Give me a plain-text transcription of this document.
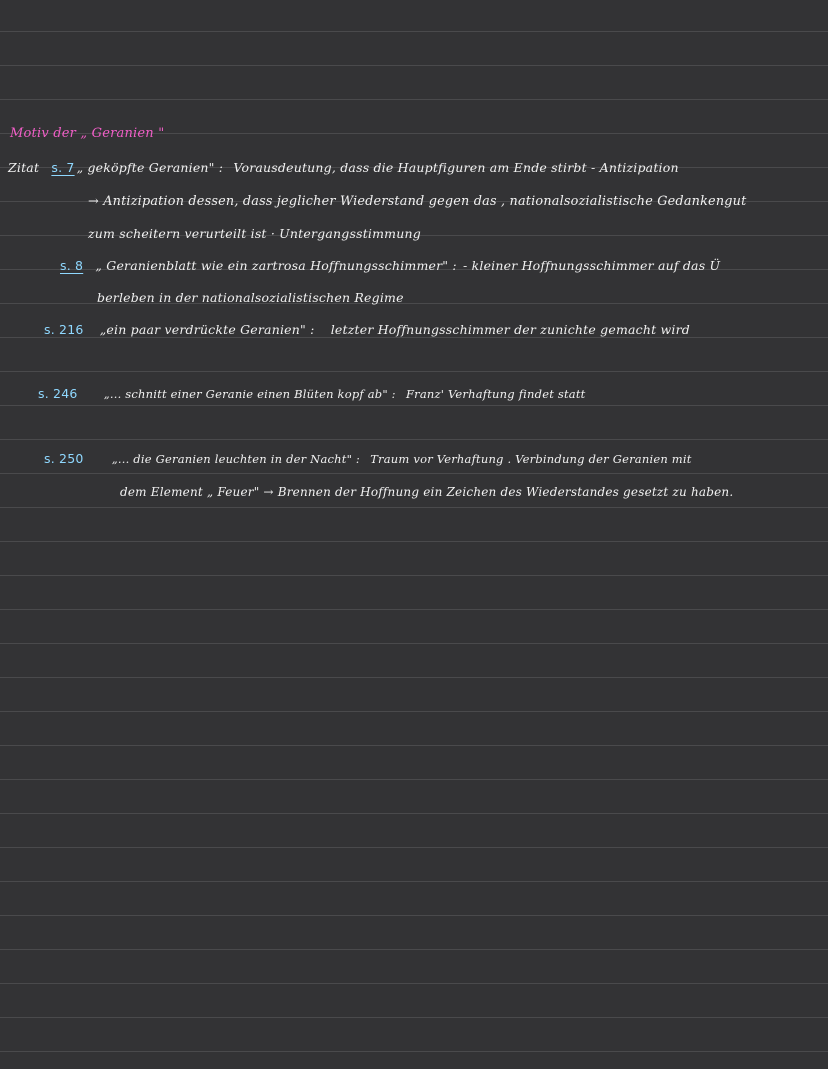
Motiv der „ Geranien "
Zitat s. 7 „ geköpfte Geranien" : Vorausdeutung, dass die Hauptfiguren am Ende stirbt - Antizipation
→ Antizipation dessen, dass jeglicher Wiederstand gegen das , nationalsozialistische Gedankengut
zum scheitern verurteilt ist · Untergangsstimmung
s. 8 „ Geranienblatt wie ein zartrosa Hoffnungsschimmer" : - kleiner Hoffnungsschimmer auf das Ü
berleben in der nationalsozialistischen Regime
s. 216 „ein paar verdrückte Geranien" : letzter Hoffnungsschimmer der zunichte gemacht wird
s. 246 „... schnitt einer Geranie einen Blüten kopf ab" : Franz' Verhaftung findet statt
s. 250 „... die Geranien leuchten in der Nacht" : Traum vor Verhaftung . Verbindung der Geranien mit
dem Element „ Feuer" → Brennen der Hoffnung ein Zeichen des Wiederstandes gesetzt zu haben.
